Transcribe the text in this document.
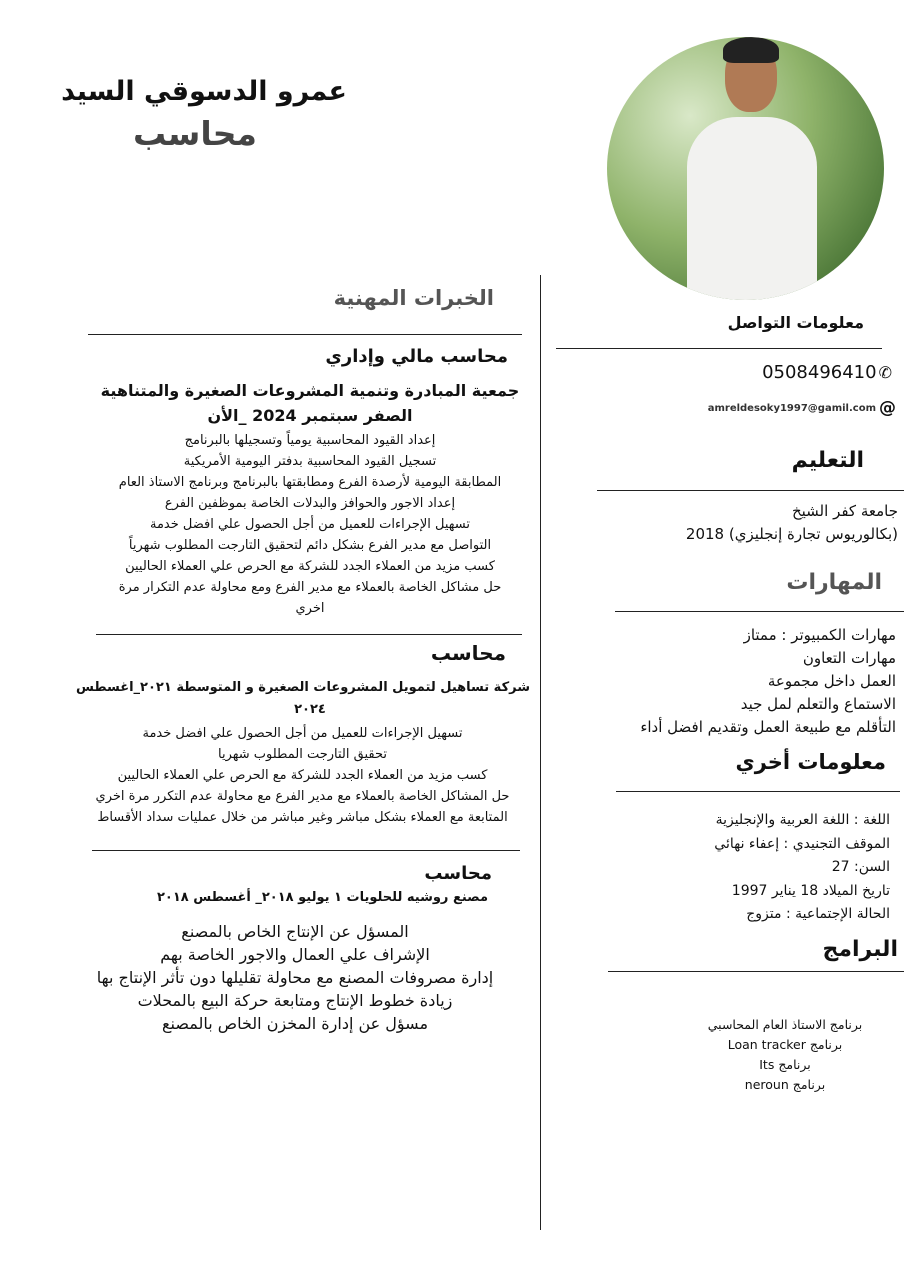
عمرو الدسوقي السيد
محاسب
الخبرات المهنية
محاسب مالي وإداري
جمعية المبادرة وتنمية المشروعات الصغيرة والمتناهية
الصفر سبتمبر 2024 _الأن
إعداد القيود المحاسبية يومياً وتسجيلها بالبرنامج
تسجيل القيود المحاسبية بدفتر اليومية الأمريكية
المطابقة اليومية لأرصدة الفرع ومطابقتها بالبرنامج وبرنامج الاستاذ العام
إعداد الاجور والحوافز والبدلات الخاصة بموظفين الفرع
تسهيل الإجراءات للعميل من أجل الحصول علي افضل خدمة
التواصل مع مدير الفرع بشكل دائم لتحقيق التارجت المطلوب شهرياً
كسب مزيد من العملاء الجدد للشركة مع الحرص علي العملاء الحاليين
حل مشاكل الخاصة بالعملاء مع مدير الفرع ومع محاولة عدم التكرار مرة
اخري
محاسب
شركة تساهيل لتمويل المشروعات الصغيرة و المتوسطة ٢٠٢١_اغسطس
٢٠٢٤
تسهيل الإجراءات للعميل من أجل الحصول علي افضل خدمة
تحقيق التارجت المطلوب شهريا
كسب مزيد من العملاء الجدد للشركة مع الحرص علي العملاء الحاليين
حل المشاكل الخاصة بالعملاء مع مدير الفرع مع محاولة عدم التكرر مرة اخري
المتابعة مع العملاء بشكل مباشر وغير مباشر من خلال عمليات سداد الأقساط
محاسب
مصنع روشيه للحلويات ١ يوليو ٢٠١٨_ أغسطس ٢٠١٨
المسؤل عن الإنتاج الخاص بالمصنع
الإشراف علي العمال والاجور الخاصة بهم
إدارة مصروفات المصنع مع محاولة تقليلها دون تأثر الإنتاج بها
زيادة خطوط الإنتاج ومتابعة حركة البيع بالمحلات
مسؤل عن إدارة المخزن الخاص بالمصنع
معلومات التواصل
✆
0508496410
@
amreldesoky1997@gamil.com
التعليم
جامعة كفر الشيخ
(بكالوريوس تجارة إنجليزي) 2018
المهارات
مهارات الكمبيوتر : ممتاز
مهارات التعاون
العمل داخل مجموعة
الاستماع والتعلم لمل جيد
التأقلم مع طبيعة العمل وتقديم افضل أداء
معلومات أخري
اللغة : اللغة العربية والإنجليزية
الموقف التجنيدي : إعفاء نهائي
السن: 27
تاريخ الميلاد 18 يناير 1997
الحالة الإجتماعية : متزوج
البرامج
برنامج الاستاذ العام المحاسبي
برنامج Loan tracker
برنامج Its
برنامج neroun
